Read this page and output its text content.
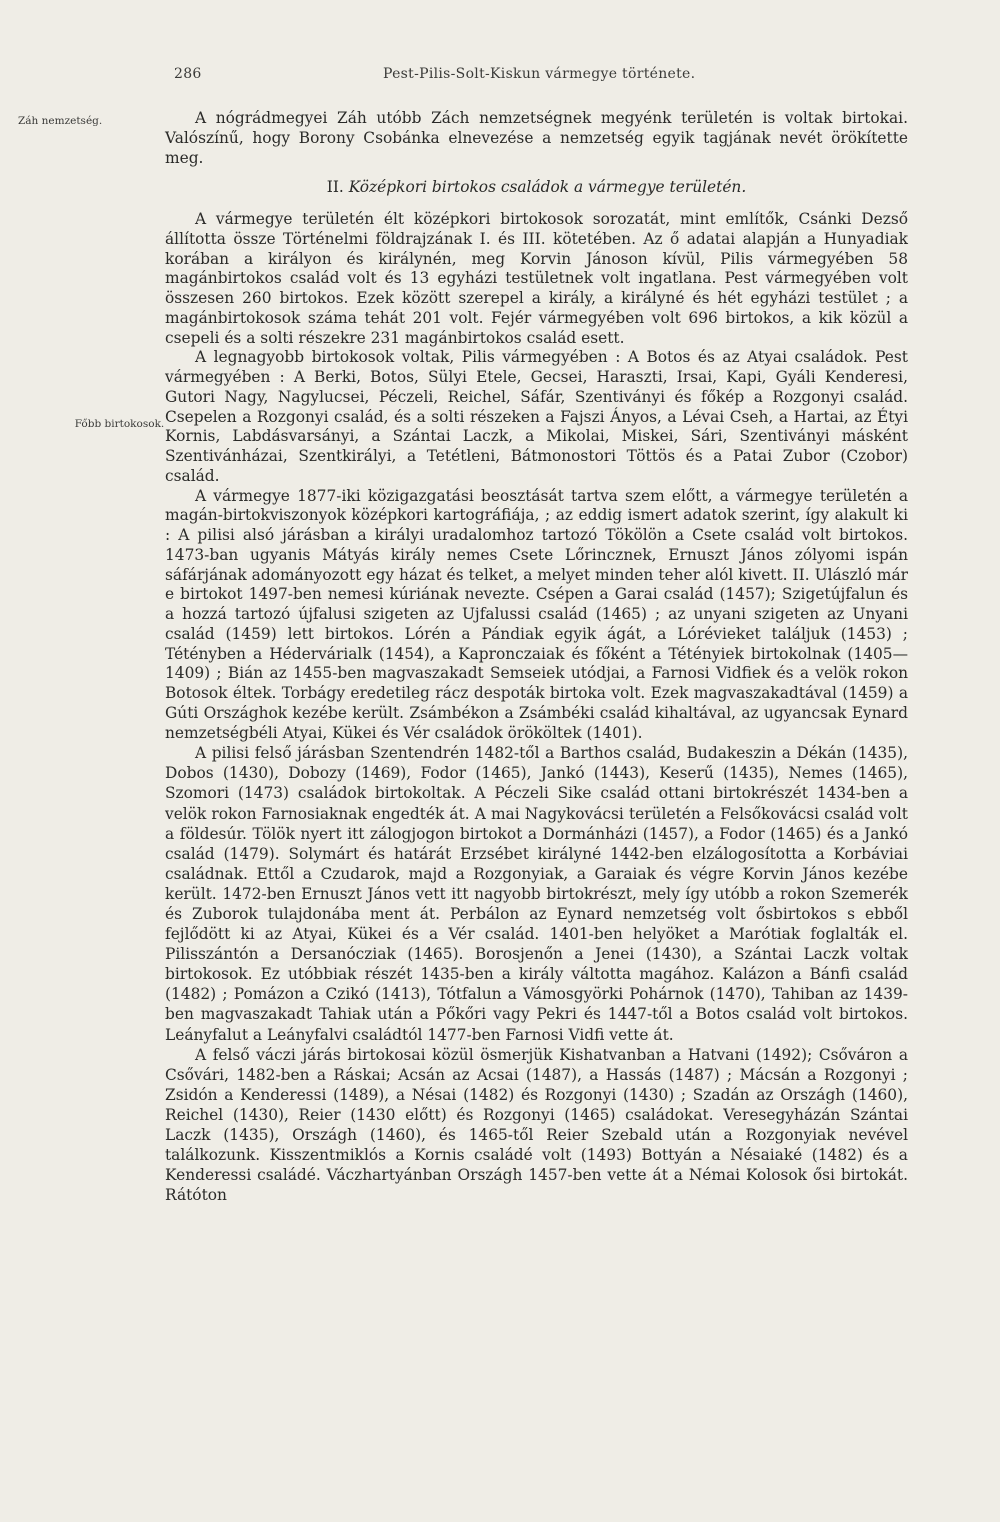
286	Pest-Pilis-Solt-Kiskun vármegye története.
Záh nemzetség.
Főbb birtokosok.

A nógrádmegyei Záh utóbb Zách nemzetségnek megyénk területén is voltak birtokai. Valószínű, hogy Borony Csobánka elnevezése a nemzetség egyik tagjának nevét örökítette meg.

II. Középkori birtokos családok a vármegye területén.

A vármegye területén élt középkori birtokosok sorozatát, mint említők, Csánki Dezső állította össze Történelmi földrajzának I. és III. kötetében. Az ő adatai alapján a Hunyadiak korában a királyon és királynén, meg Korvin Jánoson kívül, Pilis vármegyében 58 magánbirtokos család volt és 13 egyházi testületnek volt ingatlana. Pest vármegyében volt összesen 260 birtokos. Ezek között szerepel a király, a királyné és hét egyházi testület ; a magánbirtokosok száma tehát 201 volt. Fejér vármegyében volt 696 birtokos, a kik közül a csepeli és a solti részekre 231 magánbirtokos család esett.

A legnagyobb birtokosok voltak, Pilis vármegyében : A Botos és az Atyai családok. Pest vármegyében : A Berki, Botos, Sülyi Etele, Gecsei, Haraszti, Irsai, Kapi, Gyáli Kenderesi, Gutori Nagy, Nagylucsei, Péczeli, Reichel, Sáfár, Szentiványi és főkép a Rozgonyi család. Csepelen a Rozgonyi család, és a solti részeken a Fajszi Ányos, a Lévai Cseh, a Hartai, az Étyi Kornis, Labdásvarsányi, a Szántai Laczk, a Mikolai, Miskei, Sári, Szentiványi másként Szentivánházai, Szentkirályi, a Tetétleni, Bátmonostori Töttös és a Patai Zubor (Czobor) család.

A vármegye 1877-iki közigazgatási beosztását tartva szem előtt, a vármegye területén a magán-birtokviszonyok középkori kartográfiája, ; az eddig ismert adatok szerint, így alakult ki : A pilisi alsó járásban a királyi uradalomhoz tartozó Tökölön a Csete család volt birtokos. 1473-ban ugyanis Mátyás király nemes Csete Lőrincznek, Ernuszt János zólyomi ispán sáfárjának adományozott egy házat és telket, a melyet minden teher alól kivett. II. Ulászló már e birtokot 1497-ben nemesi kúriának nevezte. Csépen a Garai család (1457); Szigetújfalun és a hozzá tartozó újfalusi szigeten az Ujfalussi család (1465) ; az unyani szigeten az Unyani család (1459) lett birtokos. Lórén a Pándiak egyik ágát, a Lórévieket találjuk (1453) ; Tétényben a Hédervárialk (1454), a Kapronczaiak és főként a Tétényiek birtokolnak (1405—1409) ; Bián az 1455-ben magvaszakadt Semseiek utódjai, a Farnosi Vidfiek és a velök rokon Botosok éltek. Torbágy eredetileg rácz despoták birtoka volt. Ezek magvaszakadtával (1459) a Gúti Országhok kezébe került. Zsámbékon a Zsámbéki család kihaltával, az ugyancsak Eynard nemzetségbéli Atyai, Kükei és Vér családok örököltek (1401).

A pilisi felső járásban Szentendrén 1482-től a Barthos család, Budakeszin a Dékán (1435), Dobos (1430), Dobozy (1469), Fodor (1465), Jankó (1443), Keserű (1435), Nemes (1465), Szomori (1473) családok birtokoltak. A Péczeli Sike család ottani birtokrészét 1434-ben a velök rokon Farnosiaknak engedték át. A mai Nagykovácsi területén a Felsőkovácsi család volt a földesúr. Tölök nyert itt zálogjogon birtokot a Dormánházi (1457), a Fodor (1465) és a Jankó család (1479). Solymárt és határát Erzsébet királyné 1442-ben elzálogosította a Korbáviai családnak. Ettől a Czudarok, majd a Rozgonyiak, a Garaiak és végre Korvin János kezébe került. 1472-ben Ernuszt János vett itt nagyobb birtokrészt, mely így utóbb a rokon Szemerék és Zuborok tulajdonába ment át. Perbálon az Eynard nemzetség volt ősbirtokos s ebből fejlődött ki az Atyai, Kükei és a Vér család. 1401-ben helyöket a Marótiak foglalták el. Pilisszántón a Dersanócziak (1465). Borosjenőn a Jenei (1430), a Szántai Laczk voltak birtokosok. Ez utóbbiak részét 1435-ben a király váltotta magához. Kalázon a Bánfi család (1482) ; Pomázon a Czikó (1413), Tótfalun a Vámosgyörki Pohárnok (1470), Tahiban az 1439-ben magvaszakadt Tahiak után a Pőkőri vagy Pekri és 1447-től a Botos család volt birtokos. Leányfalut a Leányfalvi családtól 1477-ben Farnosi Vidfi vette át.

A felső váczi járás birtokosai közül ösmerjük Kishatvanban a Hatvani (1492); Csőváron a Csővári, 1482-ben a Ráskai; Acsán az Acsai (1487), a Hassás (1487) ; Mácsán a Rozgonyi ; Zsidón a Kenderessi (1489), a Nésai (1482) és Rozgonyi (1430) ; Szadán az Országh (1460), Reichel (1430), Reier (1430 előtt) és Rozgonyi (1465) családokat. Veresegyházán Szántai Laczk (1435), Országh (1460), és 1465-től Reier Szebald után a Rozgonyiak nevével találkozunk. Kisszentmiklós a Kornis családé volt (1493) Bottyán a Nésaiaké (1482) és a Kenderessi családé. Váczhartyánban Országh 1457-ben vette át a Némai Kolosok ősi birtokát. Rátóton
